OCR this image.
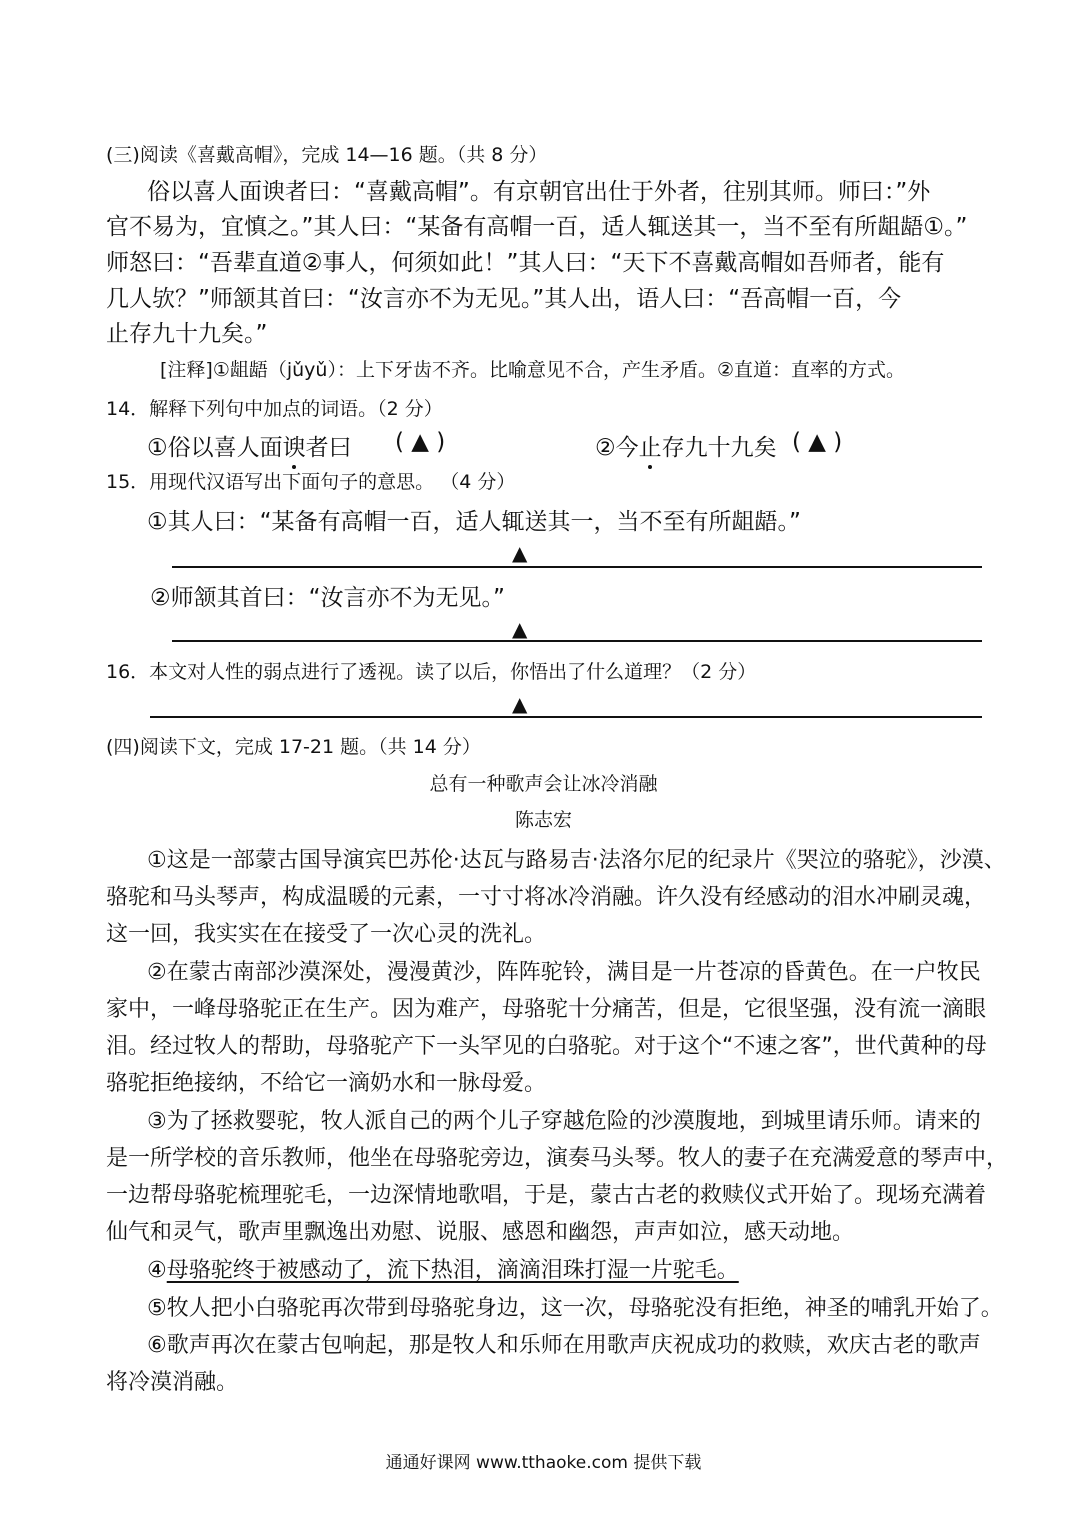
(三)阅读《喜戴高帽》，完成 14—16 题。（共 8 分）
俗以喜人面谀者曰：“喜戴高帽”。有京朝官出仕于外者，往别其师。师曰：”外
官不易为，宜慎之。”其人曰：“某备有高帽一百，适人辄送其一，当不至有所龃龉①。”
师怒曰：“吾辈直道②事人，何须如此！”其人曰：“天下不喜戴高帽如吾师者，能有
几人欤？”师颔其首曰：“汝言亦不为无见。”其人出，语人曰：“吾高帽一百，今
止存九十九矣。”
[注释]①龃龉（jǔyǔ）：上下牙齿不齐。比喻意见不合，产生矛盾。②直道：直率的方式。
14．解释下列句中加点的词语。（2 分）
①俗以喜人面谀者曰 ( ▲ )	②今止存九十九矣 ( ▲ )
15．用现代汉语写出下面句子的意思。 （4 分）
①其人曰：“某备有高帽一百，适人辄送其一，当不至有所龃龉。”
▲
②师颔其首曰：“汝言亦不为无见。”
▲
16．本文对人性的弱点进行了透视。读了以后，你悟出了什么道理？（2 分）
▲
(四)阅读下文，完成 17-21 题。（共 14 分）
总有一种歌声会让冰冷消融
陈志宏
①这是一部蒙古国导演宾巴苏伦·达瓦与路易吉·法洛尔尼的纪录片《哭泣的骆驼》，沙漠、
骆驼和马头琴声，构成温暖的元素，一寸寸将冰冷消融。许久没有经感动的泪水冲刷灵魂，
这一回，我实实在在接受了一次心灵的洗礼。
②在蒙古南部沙漠深处，漫漫黄沙，阵阵驼铃，满目是一片苍凉的昏黄色。在一户牧民
家中，一峰母骆驼正在生产。因为难产，母骆驼十分痛苦，但是，它很坚强，没有流一滴眼
泪。经过牧人的帮助，母骆驼产下一头罕见的白骆驼。对于这个“不速之客”，世代黄种的母
骆驼拒绝接纳，不给它一滴奶水和一脉母爱。
③为了拯救婴驼，牧人派自己的两个儿子穿越危险的沙漠腹地，到城里请乐师。请来的
是一所学校的音乐教师，他坐在母骆驼旁边，演奏马头琴。牧人的妻子在充满爱意的琴声中，
一边帮母骆驼梳理驼毛，一边深情地歌唱，于是，蒙古古老的救赎仪式开始了。现场充满着
仙气和灵气，歌声里飘逸出劝慰、说服、感恩和幽怨，声声如泣，感天动地。
④母骆驼终于被感动了，流下热泪，滴滴泪珠打湿一片驼毛。
⑤牧人把小白骆驼再次带到母骆驼身边，这一次，母骆驼没有拒绝，神圣的哺乳开始了。
⑥歌声再次在蒙古包响起，那是牧人和乐师在用歌声庆祝成功的救赎，欢庆古老的歌声
将冷漠消融。
通通好课网 www.tthaoke.com 提供下载
